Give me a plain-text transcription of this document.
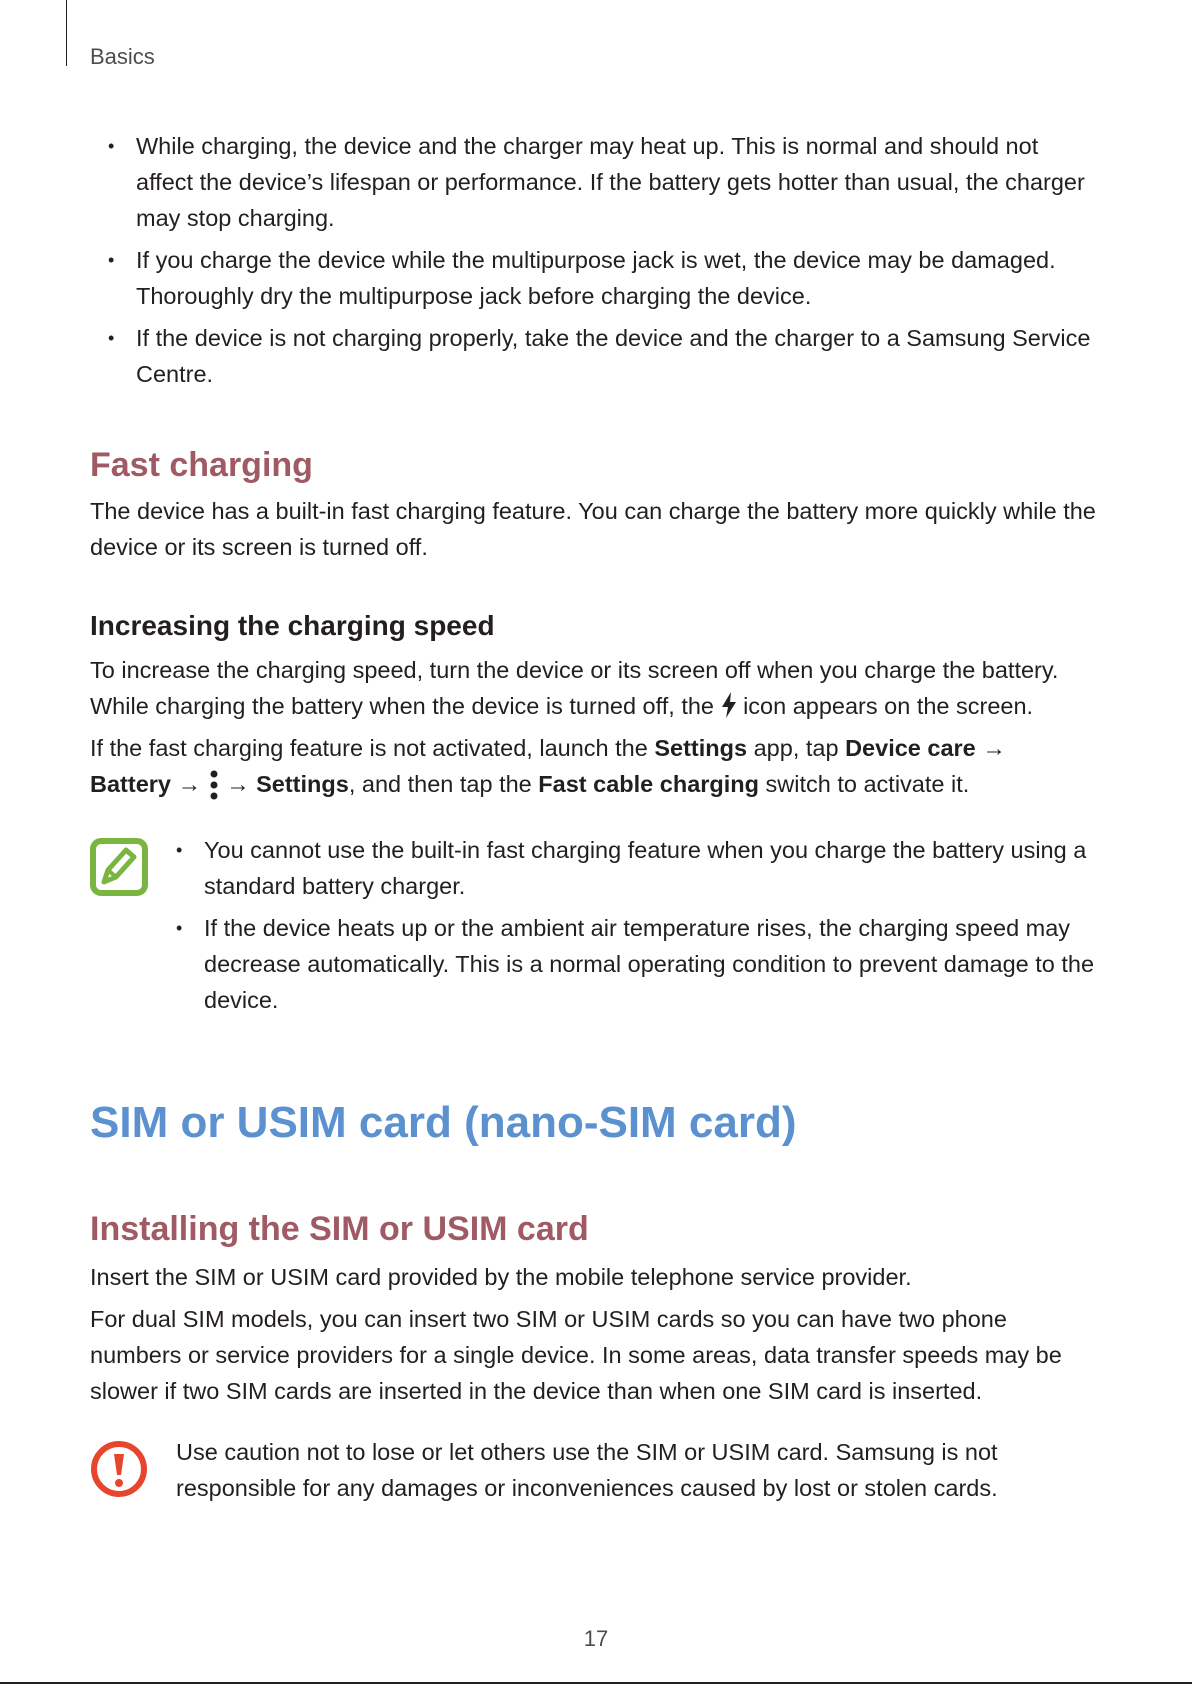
Basics
• While charging, the device and the charger may heat up. This is normal and should not affect the device’s lifespan or performance. If the battery gets hotter than usual, the charger may stop charging.
• If you charge the device while the multipurpose jack is wet, the device may be damaged. Thoroughly dry the multipurpose jack before charging the device.
• If the device is not charging properly, take the device and the charger to a Samsung Service Centre.
Fast charging

The device has a built-in fast charging feature. You can charge the battery more quickly while the device or its screen is turned off.

Increasing the charging speed

To increase the charging speed, turn the device or its screen off when you charge the battery.
While charging the battery when the device is turned off, the icon appears on the screen.

If the fast charging feature is not activated, launch the Settings app, tap Device care →
Battery →  → Settings, and then tap the Fast cable charging switch to activate it.

• You cannot use the built-in fast charging feature when you charge the battery using a standard battery charger.
• If the device heats up or the ambient air temperature rises, the charging speed may decrease automatically. This is a normal operating condition to prevent damage to the device.
SIM or USIM card (nano-SIM card)
Installing the SIM or USIM card

Insert the SIM or USIM card provided by the mobile telephone service provider.

For dual SIM models, you can insert two SIM or USIM cards so you can have two phone numbers or service providers for a single device. In some areas, data transfer speeds may be slower if two SIM cards are inserted in the device than when one SIM card is inserted.

Use caution not to lose or let others use the SIM or USIM card. Samsung is not responsible for any damages or inconveniences caused by lost or stolen cards.

17
